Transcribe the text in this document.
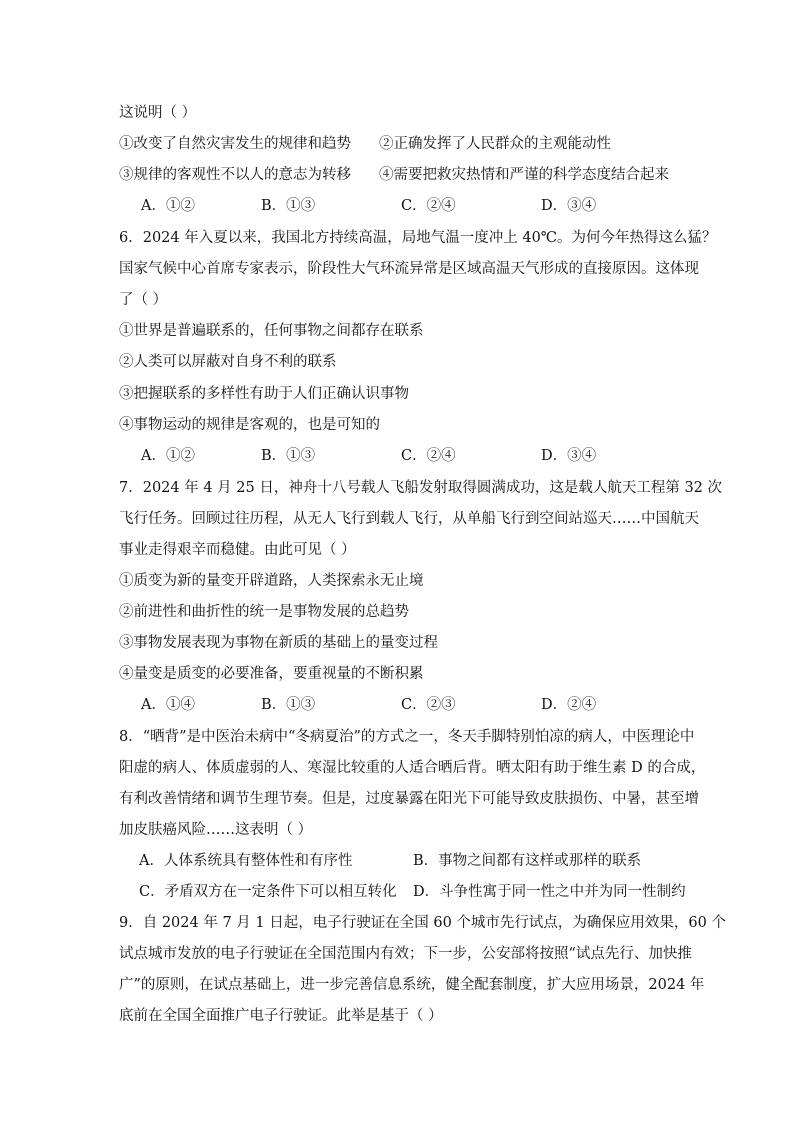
这说明（ ）
①改变了自然灾害发生的规律和趋势	②正确发挥了人民群众的主观能动性
③规律的客观性不以人的意志为转移	④需要把救灾热情和严谨的科学态度结合起来
A．①②	B．①③	C．②④	D．③④
6．2024 年入夏以来，我国北方持续高温，局地气温一度冲上 40℃。为何今年热得这么猛？
国家气候中心首席专家表示，阶段性大气环流异常是区域高温天气形成的直接原因。这体现
了（ ）
①世界是普遍联系的，任何事物之间都存在联系
②人类可以屏蔽对自身不利的联系
③把握联系的多样性有助于人们正确认识事物
④事物运动的规律是客观的，也是可知的
A．①②	B．①③	C．②④	D．③④
7．2024 年 4 月 25 日，神舟十八号载人飞船发射取得圆满成功，这是载人航天工程第 32 次
飞行任务。回顾过往历程，从无人飞行到载人飞行，从单船飞行到空间站巡天……中国航天
事业走得艰辛而稳健。由此可见（ ）
①质变为新的量变开辟道路，人类探索永无止境
②前进性和曲折性的统一是事物发展的总趋势
③事物发展表现为事物在新质的基础上的量变过程
④量变是质变的必要准备，要重视量的不断积累
A．①④	B．①③	C．②③	D．②④
8．“晒背”是中医治未病中“冬病夏治”的方式之一，冬天手脚特别怕凉的病人，中医理论中
阳虚的病人、体质虚弱的人、寒湿比较重的人适合晒后背。晒太阳有助于维生素 D 的合成，
有利改善情绪和调节生理节奏。但是，过度暴露在阳光下可能导致皮肤损伤、中暑，甚至增
加皮肤癌风险……这表明（ ）
A．人体系统具有整体性和有序性	B．事物之间都有这样或那样的联系
C．矛盾双方在一定条件下可以相互转化	D．斗争性寓于同一性之中并为同一性制约
9．自 2024 年 7 月 1 日起，电子行驶证在全国 60 个城市先行试点，为确保应用效果，60 个
试点城市发放的电子行驶证在全国范围内有效；下一步，公安部将按照“试点先行、加快推
广”的原则，在试点基础上，进一步完善信息系统，健全配套制度，扩大应用场景，2024 年
底前在全国全面推广电子行驶证。此举是基于（ ）
